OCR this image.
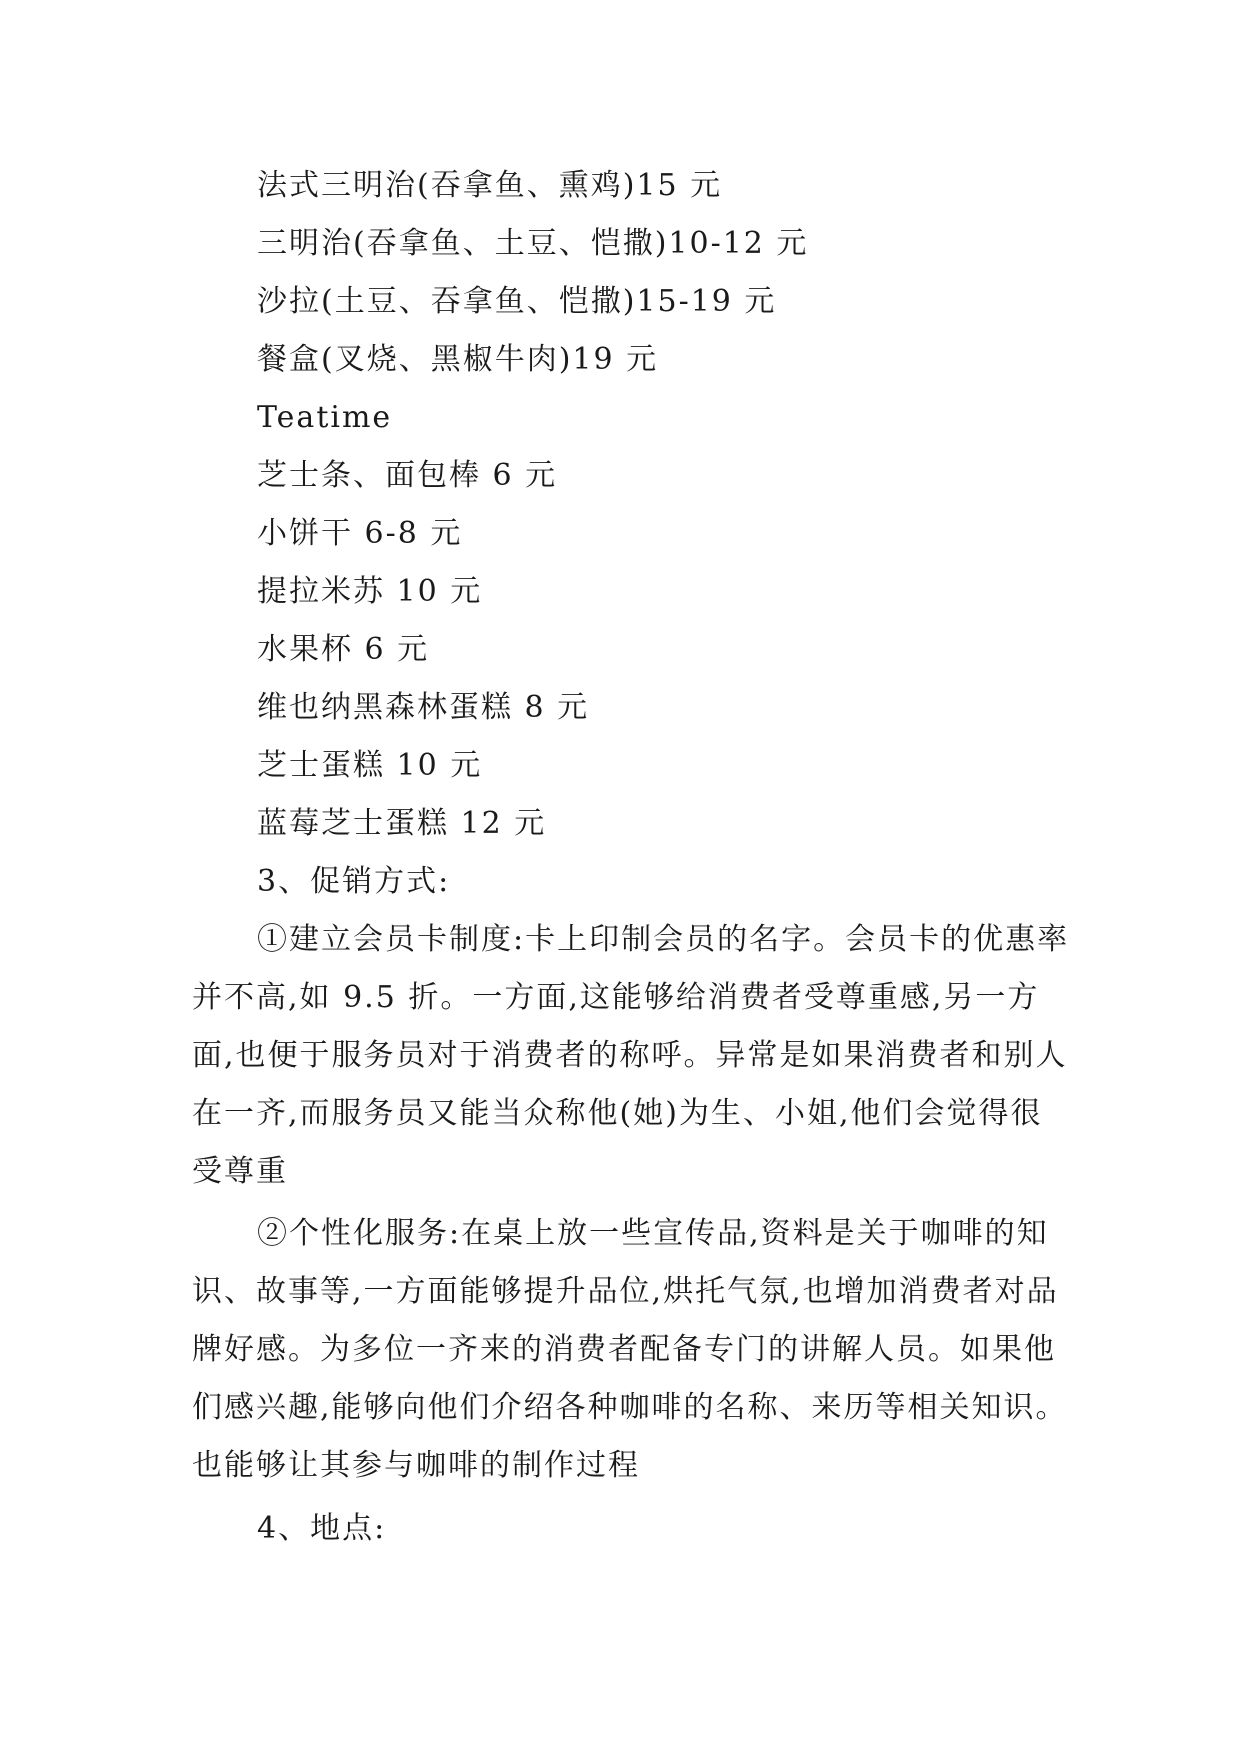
法式三明治(吞拿鱼、熏鸡)15 元
三明治(吞拿鱼、土豆、恺撒)10-12 元
沙拉(土豆、吞拿鱼、恺撒)15-19 元
餐盒(叉烧、黑椒牛肉)19 元
Teatime
芝士条、面包棒 6 元
小饼干 6-8 元
提拉米苏 10 元
水果杯 6 元
维也纳黑森林蛋糕 8 元
芝士蛋糕 10 元
蓝莓芝士蛋糕 12 元

3、促销方式:

①建立会员卡制度:卡上印制会员的名字。会员卡的优惠率并不高,如 9.5 折。一方面,这能够给消费者受尊重感,另一方面,也便于服务员对于消费者的称呼。异常是如果消费者和别人在一齐,而服务员又能当众称他(她)为生、小姐,他们会觉得很受尊重

②个性化服务:在桌上放一些宣传品,资料是关于咖啡的知识、故事等,一方面能够提升品位,烘托气氛,也增加消费者对品牌好感。为多位一齐来的消费者配备专门的讲解人员。如果他们感兴趣,能够向他们介绍各种咖啡的名称、来历等相关知识。也能够让其参与咖啡的制作过程

4、地点:
